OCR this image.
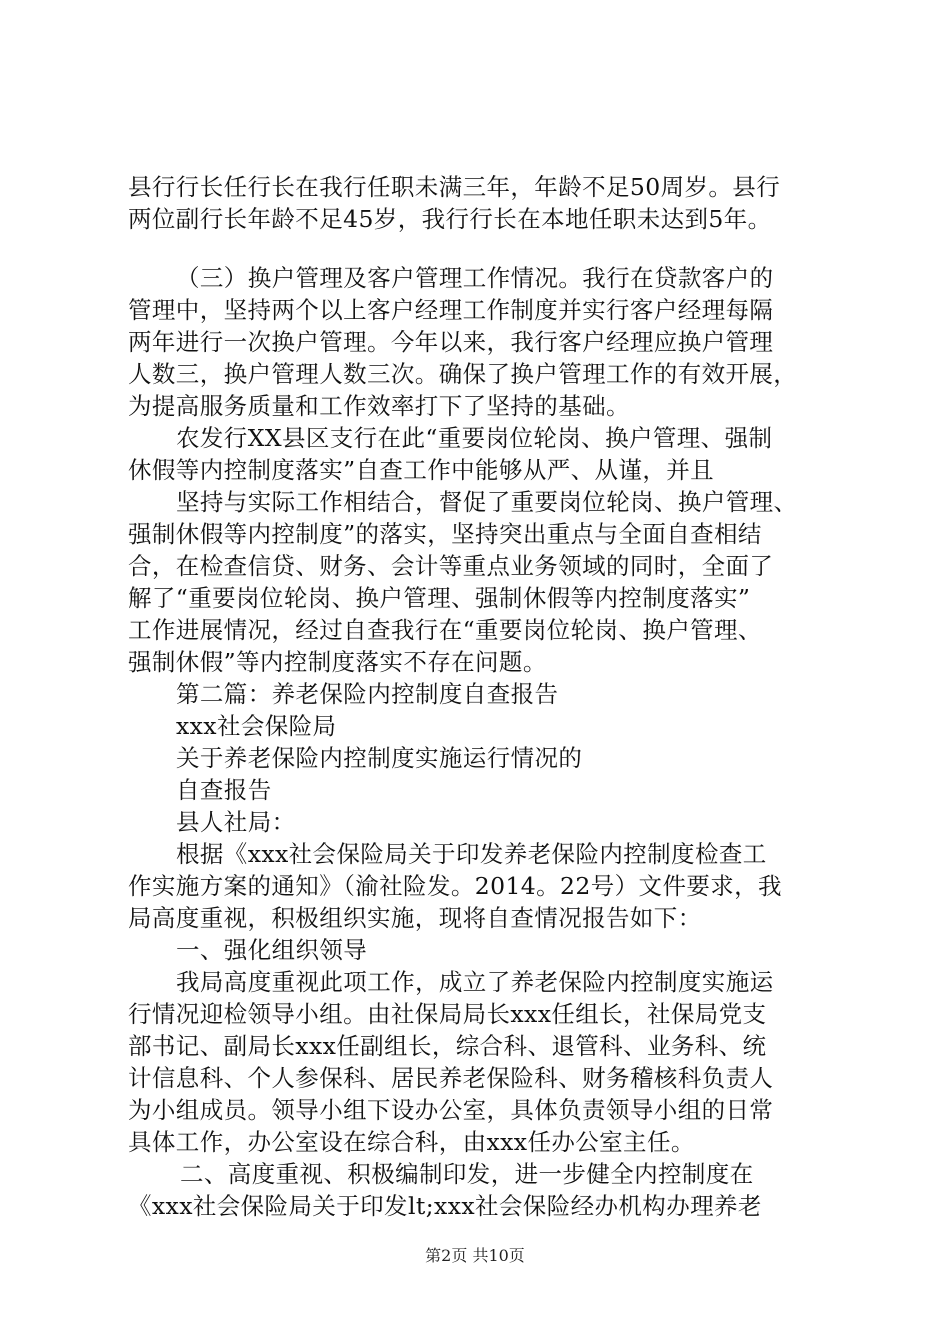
县行行长任行长在我行任职未满三年，年龄不足50周岁。县行
两位副行长年龄不足45岁，我行行长在本地任职未达到5年。
（三）换户管理及客户管理工作情况。我行在贷款客户的
管理中，坚持两个以上客户经理工作制度并实行客户经理每隔
两年进行一次换户管理。今年以来，我行客户经理应换户管理
人数三，换户管理人数三次。确保了换户管理工作的有效开展，
为提高服务质量和工作效率打下了坚持的基础。
农发行XX县区支行在此“重要岗位轮岗、换户管理、强制
休假等内控制度落实”自查工作中能够从严、从谨，并且
坚持与实际工作相结合，督促了重要岗位轮岗、换户管理、
强制休假等内控制度”的落实，坚持突出重点与全面自查相结
合，在检查信贷、财务、会计等重点业务领域的同时，全面了
解了“重要岗位轮岗、换户管理、强制休假等内控制度落实”
工作进展情况，经过自查我行在“重要岗位轮岗、换户管理、
强制休假”等内控制度落实不存在问题。
第二篇：养老保险内控制度自查报告
xxx社会保险局
关于养老保险内控制度实施运行情况的
自查报告
县人社局：
根据《xxx社会保险局关于印发养老保险内控制度检查工
作实施方案的通知》（渝社险发。2014。22号）文件要求，我
局高度重视，积极组织实施，现将自查情况报告如下：
一、强化组织领导
我局高度重视此项工作，成立了养老保险内控制度实施运
行情况迎检领导小组。由社保局局长xxx任组长，社保局党支
部书记、副局长xxx任副组长，综合科、退管科、业务科、统
计信息科、个人参保科、居民养老保险科、财务稽核科负责人
为小组成员。领导小组下设办公室，具体负责领导小组的日常
具体工作，办公室设在综合科，由xxx任办公室主任。
二、高度重视、积极编制印发，进一步健全内控制度在
《xxx社会保险局关于印发lt;xxx社会保险经办机构办理养老
第2页 共10页
